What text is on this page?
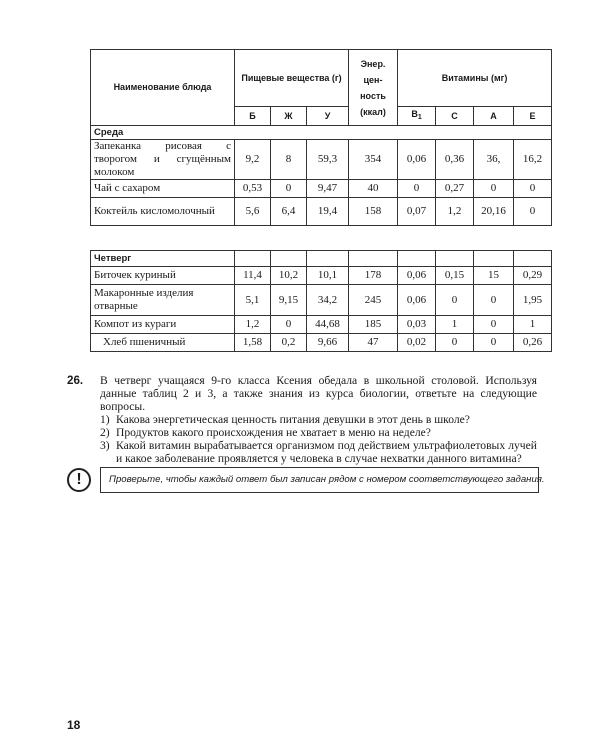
Наименование блюда	Пищевые вещества (г)			Энер. цен- ность (ккал)	Витамины (мг)			
	Б	Ж	У		$B_1$	C	A	E
Среда								
Запеканка рисовая с творогом и сгущённым молоком	9,2	8	59,3	354	0,06	0,36	36,	16,2
Чай с сахаром	0,53	0	9,47	40	0	0,27	0	0
Коктейль кисломолочный	5,6	6,4	19,4	158	0,07	1,2	20,16	0
Четверг								
Биточек куриный	11,4	10,2	10,1	178	0,06	0,15	15	0,29
Макаронные изделия отварные	5,1	9,15	34,2	245	0,06	0	0	1,95
Компот из кураги	1,2	0	44,68	185	0,03	1	0	1
Хлеб пшеничный	1,58	0,2	9,66	47	0,02	0	0	0,26
26. В четверг учащаяся 9-го класса Ксения обедала в школьной столовой. Используя данные таблиц 2 и 3, а также знания из курса биологии, ответьте на следующие вопросы.
1) Какова энергетическая ценность питания девушки в этот день в школе?
2) Продуктов какого происхождения не хватает в меню на неделе?
3) Какой витамин вырабатывается организмом под действием ультрафиолетовых лучей и какое заболевание проявляется у человека в случае нехватки данного витамина?
!	Проверьте, чтобы каждый ответ был записан рядом с номером соответствующего задания.
18
